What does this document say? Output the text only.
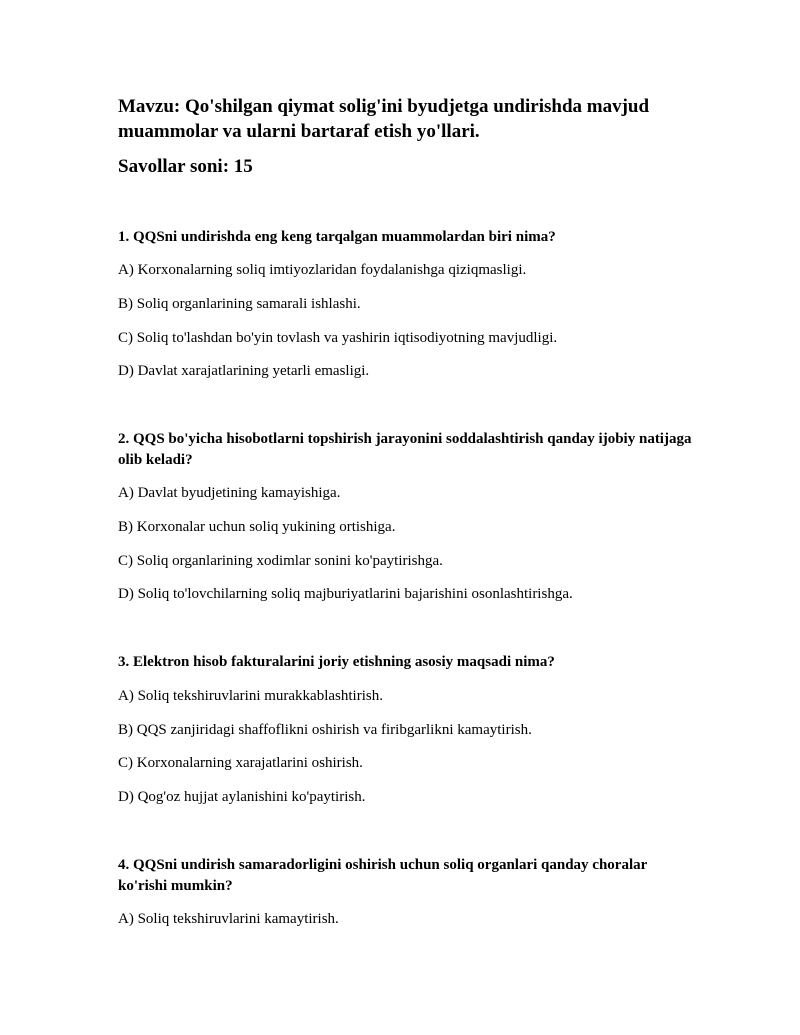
Mavzu: Qo'shilgan qiymat solig'ini byudjetga undirishda mavjud muammolar va ularni bartaraf etish yo'llari.
Savollar soni: 15

1. QQSni undirishda eng keng tarqalgan muammolardan biri nima?

A) Korxonalarning soliq imtiyozlaridan foydalanishga qiziqmasligi.

B) Soliq organlarining samarali ishlashi.

C) Soliq to'lashdan bo'yin tovlash va yashirin iqtisodiyotning mavjudligi.

D) Davlat xarajatlarining yetarli emasligi.

2. QQS bo'yicha hisobotlarni topshirish jarayonini soddalashtirish qanday ijobiy natijaga olib keladi?

A) Davlat byudjetining kamayishiga.

B) Korxonalar uchun soliq yukining ortishiga.

C) Soliq organlarining xodimlar sonini ko'paytirishga.

D) Soliq to'lovchilarning soliq majburiyatlarini bajarishini osonlashtirishga.

3. Elektron hisob fakturalarini joriy etishning asosiy maqsadi nima?

A) Soliq tekshiruvlarini murakkablashtirish.

B) QQS zanjiridagi shaffoflikni oshirish va firibgarlikni kamaytirish.

C) Korxonalarning xarajatlarini oshirish.

D) Qog'oz hujjat aylanishini ko'paytirish.

4. QQSni undirish samaradorligini oshirish uchun soliq organlari qanday choralar ko'rishi mumkin?

A) Soliq tekshiruvlarini kamaytirish.
